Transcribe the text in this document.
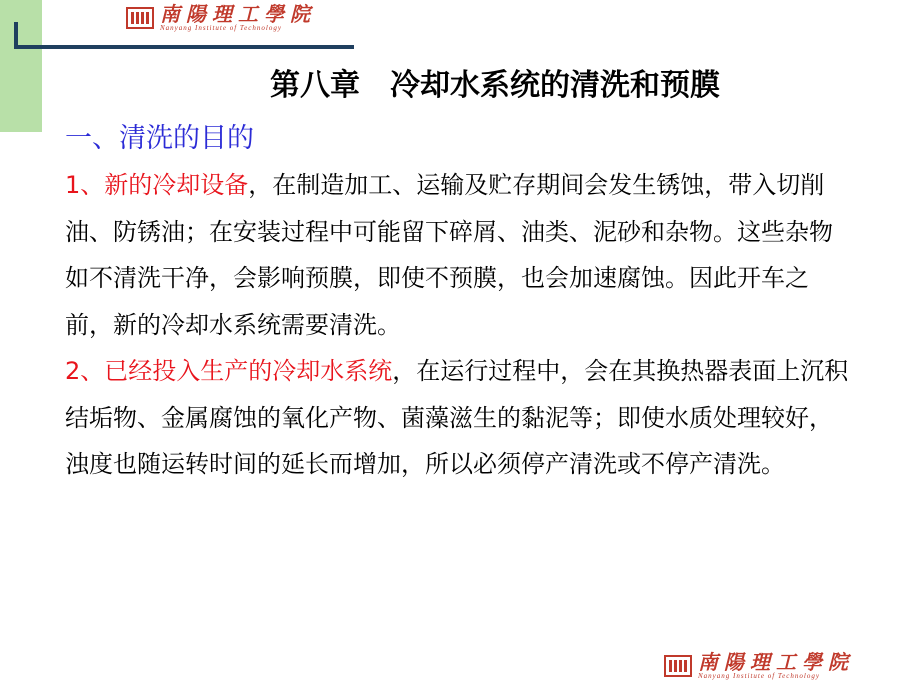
南陽理工學院
Nanyang Institute of Technology
第八章　冷却水系统的清洗和预膜
一、清洗的目的

1、新的冷却设备，在制造加工、运输及贮存期间会发生锈蚀，带入切削油、防锈油；在安装过程中可能留下碎屑、油类、泥砂和杂物。这些杂物如不清洗干净，会影响预膜，即使不预膜，也会加速腐蚀。因此开车之前，新的冷却水系统需要清洗。

2、已经投入生产的冷却水系统，在运行过程中，会在其换热器表面上沉积结垢物、金属腐蚀的氧化产物、菌藻滋生的黏泥等；即使水质处理较好，浊度也随运转时间的延长而增加，所以必须停产清洗或不停产清洗。

南陽理工學院
Nanyang Institute of Technology
